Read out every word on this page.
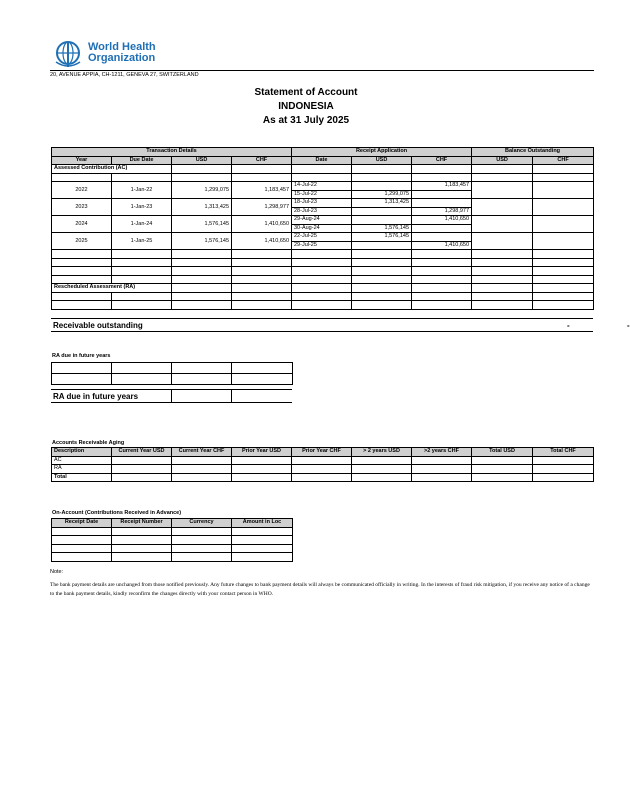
World Health
Organization
20, AVENUE APPIA, CH-1211, GENEVA 27, SWITZERLAND
Statement of Account
INDONESIA
As at 31 July 2025
Transaction Details				Receipt Application			Balance Outstanding	
Year	Due Date	USD	CHF	Date	USD	CHF	USD	CHF
Assessed Contribution (AC)								

2022	1-Jan-22	1,299,075	1,183,457	14-Jul-22		1,183,457		
				15-Jul-22	1,299,075			
2023	1-Jan-23	1,313,425	1,298,977	18-Jul-23	1,313,425			
				28-Jul-23		1,298,977		
2024	1-Jan-24	1,576,145	1,410,650	29-Aug-24		1,410,650		
				30-Aug-24	1,576,145			
2025	1-Jan-25	1,576,145	1,410,650	22-Jul-25	1,576,145			
				29-Jul-25		1,410,650		

Rescheduled Assessment (RA)								

Receivable outstanding	-	-
RA due in future years

RA due in future years
Accounts Receivable Aging
Description	Current Year USD	Current Year CHF	Prior Year USD	Prior Year CHF	> 2 years USD	>2 years CHF	Total USD	Total CHF
AC								
RA								
Total								
On-Account (Contributions Received in Advance)
Receipt Date	Receipt Number	Currency	Amount in Loc

Note:
The bank payment details are unchanged from those notified previously. Any future changes to bank payment details will always be communicated officially in writing. In the interests of fraud risk mitigation, if you receive any notice of a change to the bank payment details, kindly reconfirm the changes directly with your contact person in WHO.
